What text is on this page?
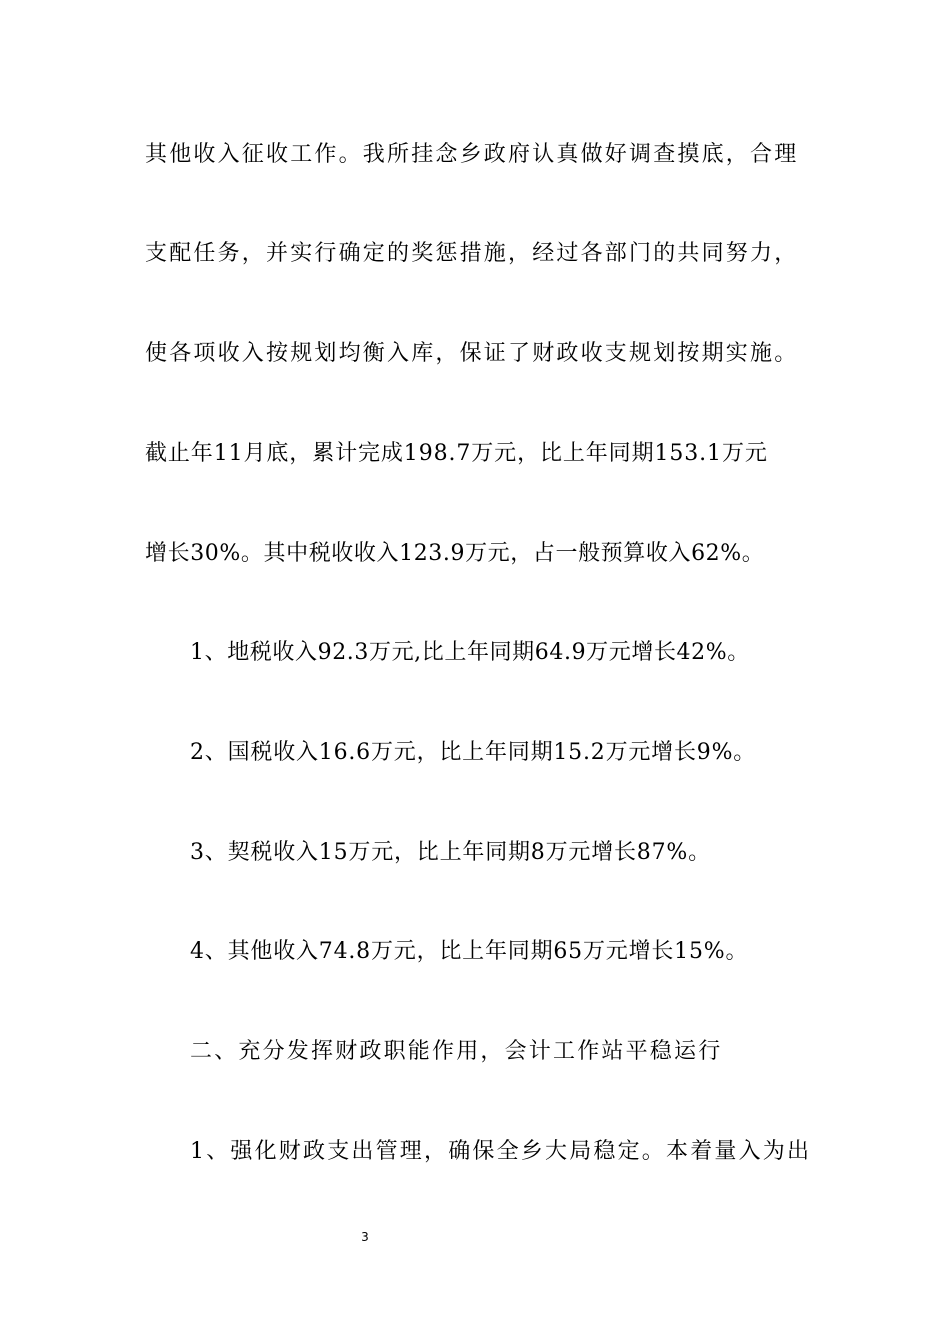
其他收入征收工作。我所挂念乡政府认真做好调查摸底，合理
支配任务，并实行确定的奖惩措施，经过各部门的共同努力，
使各项收入按规划均衡入库，保证了财政收支规划按期实施。
截止年11月底，累计完成198.7万元，比上年同期153.1万元
增长30%。其中税收收入123.9万元，占一般预算收入62%。
1、地税收入92.3万元,比上年同期64.9万元增长42%。
2、国税收入16.6万元，比上年同期15.2万元增长9%。
3、契税收入15万元，比上年同期8万元增长87%。
4、其他收入74.8万元，比上年同期65万元增长15%。
二、充分发挥财政职能作用，会计工作站平稳运行
1、强化财政支出管理，确保全乡大局稳定。本着量入为出
3
